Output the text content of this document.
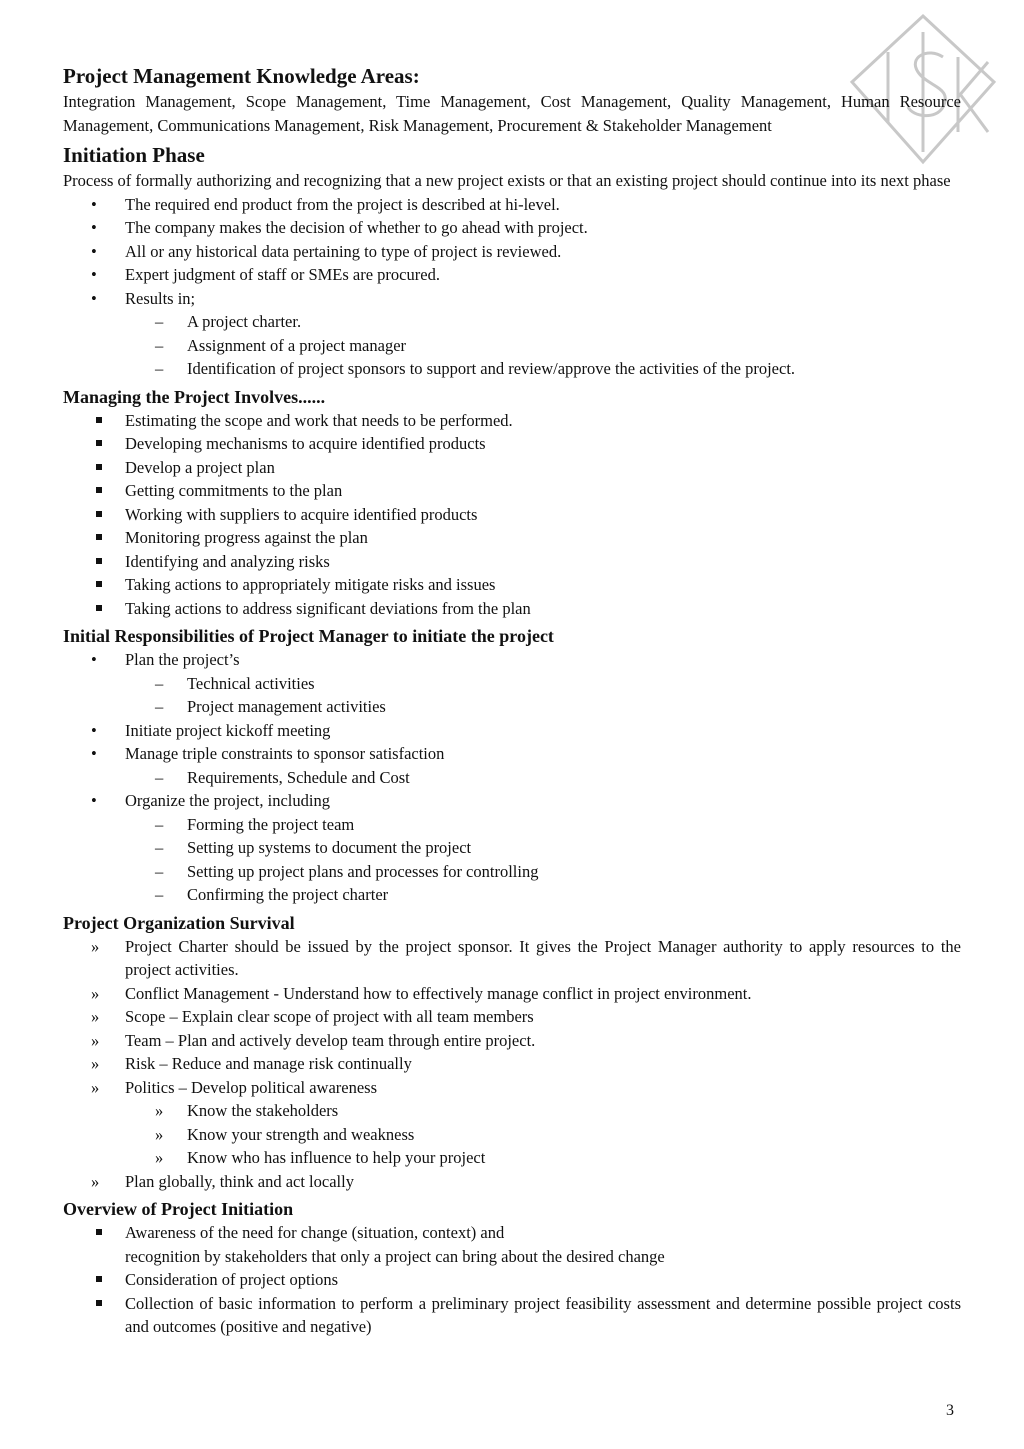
Project Management Knowledge Areas:

Integration Management, Scope Management, Time Management, Cost Management, Quality Management, Human Resource Management, Communications Management, Risk Management, Procurement & Stakeholder Management

Initiation Phase

Process of formally authorizing and recognizing that a new project exists or that an existing project should continue into its next phase

• The required end product from the project is described at hi-level.
• The company makes the decision of whether to go ahead with project.
• All or any historical data pertaining to type of project is reviewed.
• Expert judgment of staff or SMEs are procured.
• Results in;
– A project charter.
– Assignment of a project manager
– Identification of project sponsors to support and review/approve the activities of the project.
Managing the Project Involves......
Estimating the scope and work that needs to be performed.
Developing mechanisms to acquire identified products
Develop a project plan
Getting commitments to the plan
Working with suppliers to acquire identified products
Monitoring progress against the plan
Identifying and analyzing risks
Taking actions to appropriately mitigate risks and issues
Taking actions to address significant deviations from the plan
Initial Responsibilities of Project Manager to initiate the project
• Plan the project’s
– Technical activities
– Project management activities
• Initiate project kickoff meeting
• Manage triple constraints to sponsor satisfaction
– Requirements, Schedule and Cost
• Organize the project, including
– Forming the project team
– Setting up systems to document the project
– Setting up project plans and processes for controlling
– Confirming the project charter
Project Organization Survival
» Project Charter should be issued by the project sponsor. It gives the Project Manager authority to apply resources to the project activities.
» Conflict Management - Understand how to effectively manage conflict in project environment.
» Scope – Explain clear scope of project with all team members
» Team – Plan and actively develop team through entire project.
» Risk – Reduce and manage risk continually
» Politics – Develop political awareness
» Know the stakeholders
» Know your strength and weakness
» Know who has influence to help your project
» Plan globally, think and act locally
Overview of Project Initiation
Awareness of the need for change (situation, context) and
recognition by stakeholders that only a project can bring about the desired change
Consideration of project options
Collection of basic information to perform a preliminary project feasibility assessment and determine possible project costs and outcomes (positive and negative)
3
